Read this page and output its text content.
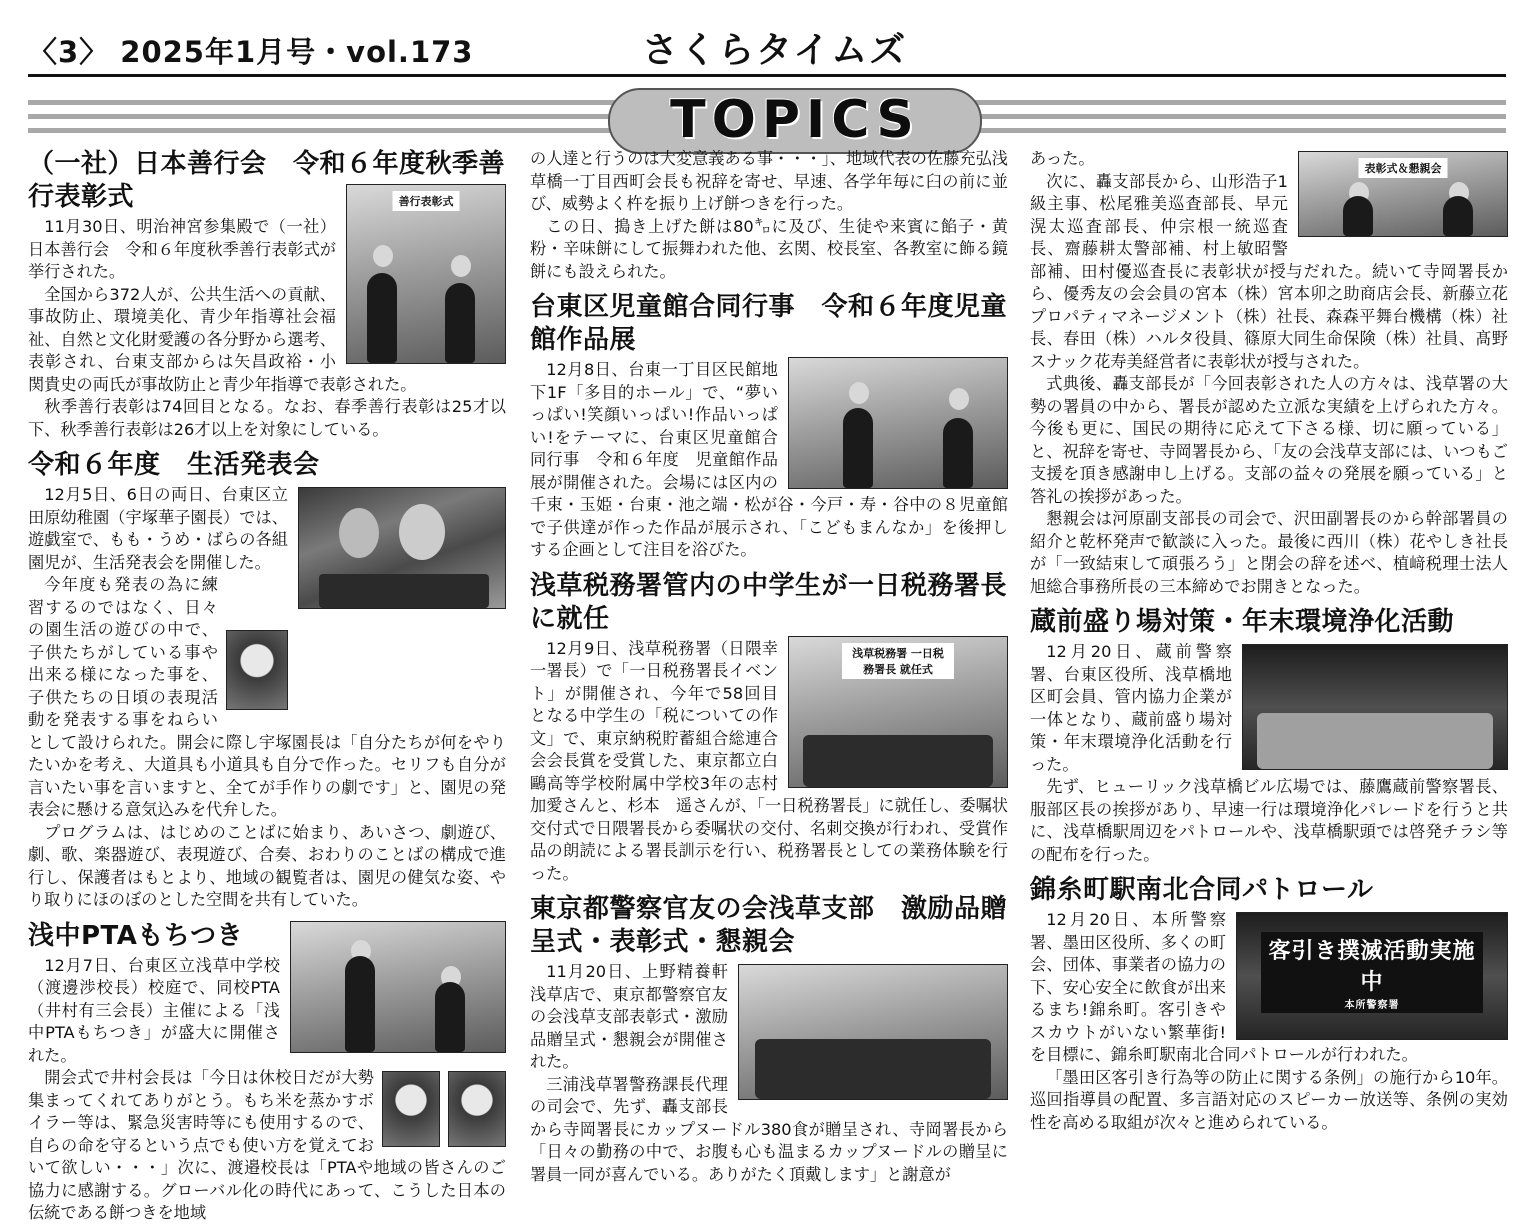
〈3〉 2025年1月号・vol.173	さくらタイムズ
TOPICS
（一社）日本善行会　令和６年度秋季善行表彰式	善行表彰式

11月30日、明治神宮参集殿で（一社）日本善行会　令和６年度秋季善行表彰式が挙行された。

全国から372人が、公共生活への貢献、事故防止、環境美化、青少年指導社会福祉、自然と文化財愛護の各分野から選考、表彰され、台東支部からは矢昌政裕・小関貴史の両氏が事故防止と青少年指導で表彰された。

秋季善行表彰は74回目となる。なお、春季善行表彰は25才以下、秋季善行表彰は26才以上を対象にしている。

令和６年度　生活発表会

12月5日、6日の両日、台東区立田原幼稚園（宇塚華子園長）では、遊戯室で、もも・うめ・ばらの各組園児が、生活発表会を開催した。

今年度も発表の為に練習するのではなく、日々の園生活の遊びの中で、子供たちがしている事や出来る様になった事を、子供たちの日頃の表現活動を発表する事をねらいとして設けられた。開会に際し宇塚園長は「自分たちが何をやりたいかを考え、大道具も小道具も自分で作った。セリフも自分が言いたい事を言いますと、全てが手作りの劇です」と、園児の発表会に懸ける意気込みを代弁した。

プログラムは、はじめのことばに始まり、あいさつ、劇遊び、劇、歌、楽器遊び、表現遊び、合奏、おわりのことばの構成で進行し、保護者はもとより、地域の観覧者は、園児の健気な姿、やり取りにほのぼのとした空間を共有していた。

浅中PTAもちつき

12月7日、台東区立浅草中学校（渡邊渉校長）校庭で、同校PTA（井村有三会長）主催による「浅中PTAもちつき」が盛大に開催された。

開会式で井村会長は「今日は休校日だが大勢集まってくれてありがとう。もち米を蒸かすボイラー等は、緊急災害時等にも使用するので、自らの命を守るという点でも使い方を覚えておいて欲しい・・・」次に、渡邉校長は「PTAや地域の皆さんのご協力に感謝する。グローバル化の時代にあって、こうした日本の伝統である餅つきを地域

の人達と行うのは大変意義ある事・・・」、地域代表の佐藤充弘浅草橋一丁目西町会長も祝辞を寄せ、早速、各学年毎に臼の前に並び、威勢よく杵を振り上げ餅つきを行った。

この日、搗き上げた餅は80㌔に及び、生徒や来賓に餡子・黄粉・辛味餅にして振舞われた他、玄関、校長室、各教室に飾る鏡餅にも設えられた。

台東区児童館合同行事　令和６年度児童館作品展

12月8日、台東一丁目区民館地下1F「多目的ホール」で、“夢いっぱい!笑顔いっぱい!作品いっぱい!をテーマに、台東区児童館合同行事　令和６年度　児童館作品展が開催された。会場には区内の千束・玉姫・台東・池之端・松が谷・今戸・寿・谷中の８児童館で子供達が作った作品が展示され、「こどもまんなか」を後押しする企画として注目を浴びた。

浅草税務署管内の中学生が一日税務署長に就任
浅草税務署 一日税務署長 就任式

12月9日、浅草税務署（日隈幸一署長）で「一日税務署長イベント」が開催され、今年で58回目となる中学生の「税についての作文」で、東京納税貯蓄組合総連合会会長賞を受賞した、東京都立白鷗高等学校附属中学校3年の志村加愛さんと、杉本　遥さんが、「一日税務署長」に就任し、委嘱状交付式で日隈署長から委嘱状の交付、名刺交換が行われ、受賞作品の朗読による署長訓示を行い、税務署長としての業務体験を行った。

東京都警察官友の会浅草支部　激励品贈呈式・表彰式・懇親会

11月20日、上野精養軒浅草店で、東京都警察官友の会浅草支部表彰式・激励品贈呈式・懇親会が開催された。

三浦浅草署警務課長代理の司会で、先ず、轟支部長から寺岡署長にカップヌードル380食が贈呈され、寺岡署長から「日々の勤務の中で、お腹も心も温まるカップヌードルの贈呈に署員一同が喜んでいる。ありがたく頂戴します」と謝意が

表彰式＆懇親会

あった。

次に、轟支部長から、山形浩子1級主事、松尾雅美巡査部長、早元滉太巡査部長、仲宗根一統巡査長、齋藤耕太警部補、村上敏昭警部補、田村優巡査長に表彰状が授与だれた。続いて寺岡署長から、優秀友の会会員の宮本（株）宮本卯之助商店会長、新藤立花プロパティマネージメント（株）社長、森森平舞台機構（株）社長、春田（株）ハルタ役員、篠原大同生命保険（株）社員、髙野スナック花寿美経営者に表彰状が授与された。

式典後、轟支部長が「今回表彰された人の方々は、浅草署の大勢の署員の中から、署長が認めた立派な実績を上げられた方々。今後も更に、国民の期待に応えて下さる様、切に願っている」と、祝辞を寄せ、寺岡署長から、「友の会浅草支部には、いつもご支援を頂き感謝申し上げる。支部の益々の発展を願っている」と答礼の挨拶があった。

懇親会は河原副支部長の司会で、沢田副署長のから幹部署員の紹介と乾杯発声で歓談に入った。最後に西川（株）花やしき社長が「一致結束して頑張ろう」と閉会の辞を述べ、植﨑税理士法人旭総合事務所長の三本締めでお開きとなった。

蔵前盛り場対策・年末環境浄化活動

12月20日、蔵前警察署、台東区役所、浅草橋地区町会員、管内協力企業が一体となり、蔵前盛り場対策・年末環境浄化活動を行った。

先ず、ヒューリック浅草橋ビル広場では、藤鷹蔵前警察署長、服部区長の挨拶があり、早速一行は環境浄化パレードを行うと共に、浅草橋駅周辺をパトロールや、浅草橋駅頭では啓発チラシ等の配布を行った。

錦糸町駅南北合同パトロール
客引き撲滅活動実施中
本所警察署

12月20日、本所警察署、墨田区役所、多くの町会、団体、事業者の協力の下、安心安全に飲食が出来るまち!錦糸町。客引きやスカウトがいない繁華街!を目標に、錦糸町駅南北合同パトロールが行われた。

「墨田区客引き行為等の防止に関する条例」の施行から10年。巡回指導員の配置、多言語対応のスピーカー放送等、条例の実効性を高める取組が次々と進められている。
